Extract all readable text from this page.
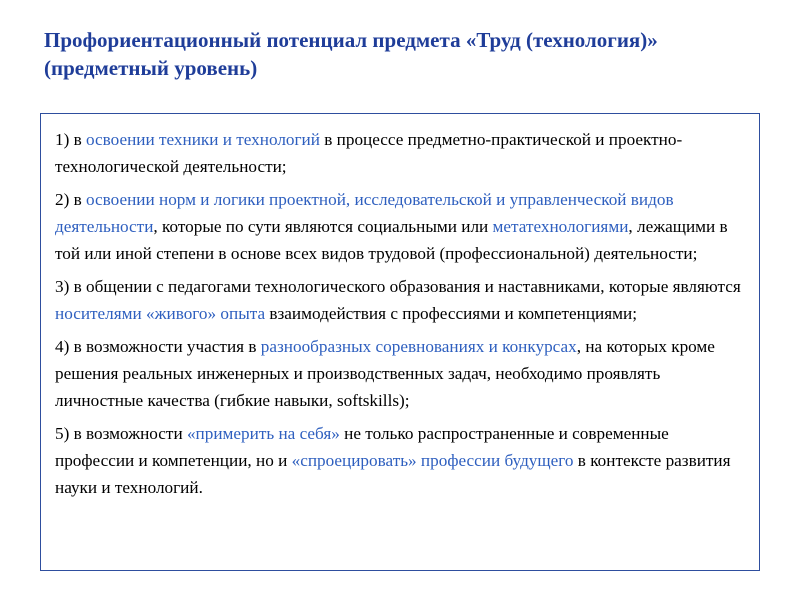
Профориентационный потенциал предмета «Труд (технология)» (предметный уровень)

1) в освоении техники и технологий в процессе предметно-практической и проектно-технологической деятельности;

2) в освоении норм и логики проектной, исследовательской и управленческой видов деятельности, которые по сути являются социальными или метатехнологиями, лежащими в той или иной степени в основе всех видов трудовой (профессиональной) деятельности;

3) в общении с педагогами технологического образования и наставниками, которые являются носителями «живого» опыта взаимодействия с профессиями и компетенциями;

4) в возможности участия в разнообразных соревнованиях и конкурсах, на которых кроме решения реальных инженерных и производственных задач, необходимо проявлять личностные качества (гибкие навыки, softskills);

5) в возможности «примерить на себя» не только распространенные и современные профессии и компетенции, но и «спроецировать» профессии будущего в контексте развития науки и технологий.
